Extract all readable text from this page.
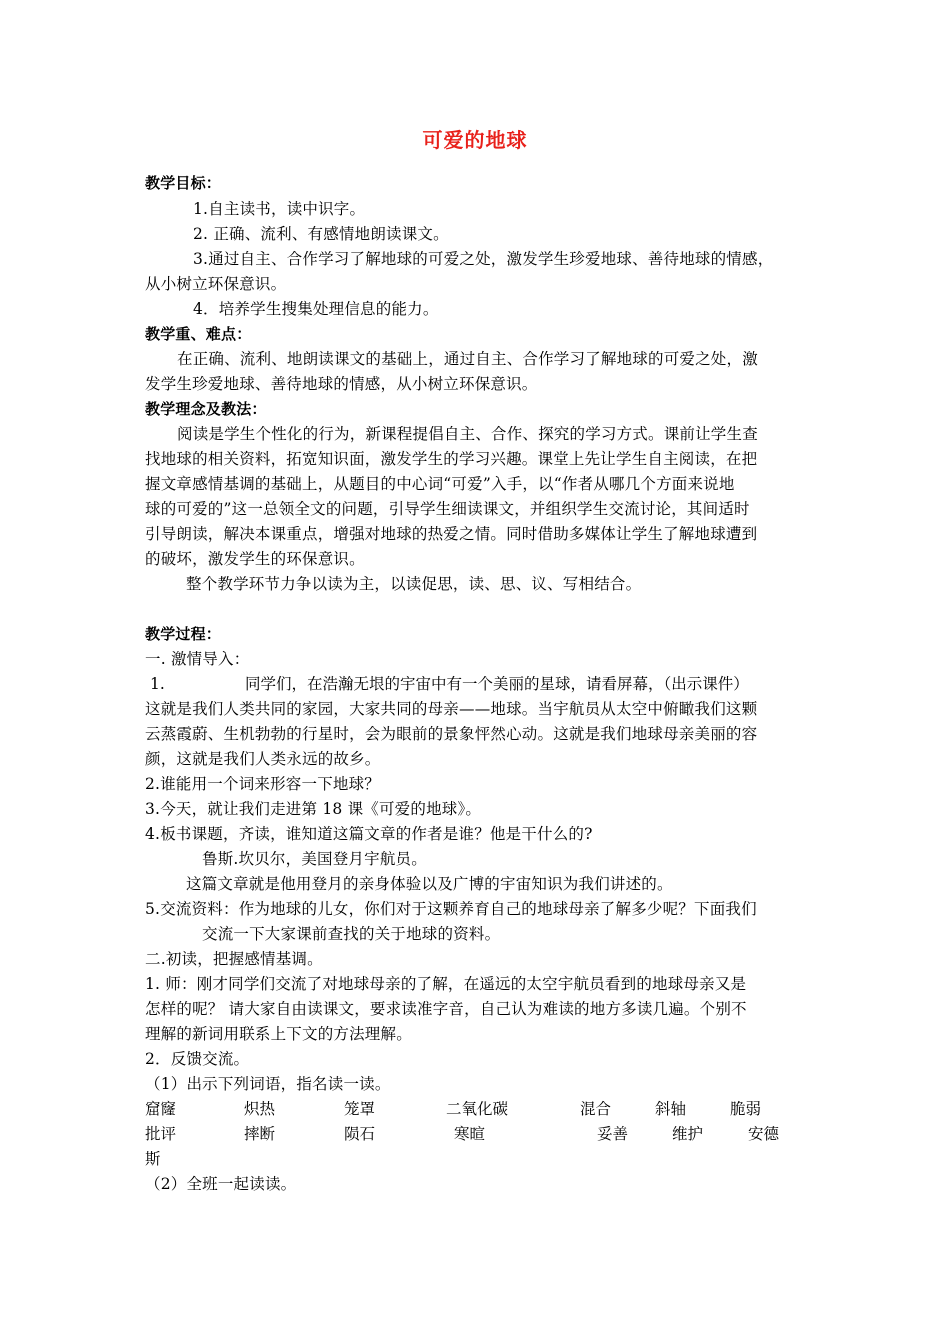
可爱的地球
教学目标：
1.自主读书，读中识字。
2. 正确、流利、有感情地朗读课文。
3.通过自主、合作学习了解地球的可爱之处，激发学生珍爱地球、善待地球的情感，
从小树立环保意识。
4．培养学生搜集处理信息的能力。
教学重、难点：
在正确、流利、地朗读课文的基础上，通过自主、合作学习了解地球的可爱之处，激
发学生珍爱地球、善待地球的情感，从小树立环保意识。
教学理念及教法：
阅读是学生个性化的行为，新课程提倡自主、合作、探究的学习方式。课前让学生查
找地球的相关资料，拓宽知识面，激发学生的学习兴趣。课堂上先让学生自主阅读，在把
握文章感情基调的基础上，从题目的中心词“可爱”入手，以“作者从哪几个方面来说地
球的可爱的”这一总领全文的问题，引导学生细读课文，并组织学生交流讨论，其间适时
引导朗读，解决本课重点，增强对地球的热爱之情。同时借助多媒体让学生了解地球遭到
的破坏，激发学生的环保意识。
整个教学环节力争以读为主，以读促思，读、思、议、写相结合。
教学过程：
一. 激情导入：
1.	同学们，在浩瀚无垠的宇宙中有一个美丽的星球，请看屏幕，（出示课件）
这就是我们人类共同的家园，大家共同的母亲——地球。当宇航员从太空中俯瞰我们这颗
云蒸霞蔚、生机勃勃的行星时，会为眼前的景象怦然心动。这就是我们地球母亲美丽的容
颜，这就是我们人类永远的故乡。
2.谁能用一个词来形容一下地球？
3.今天，就让我们走进第 18 课《可爱的地球》。
4.板书课题，齐读，谁知道这篇文章的作者是谁？他是干什么的?
鲁斯.坎贝尔，美国登月宇航员。
这篇文章就是他用登月的亲身体验以及广博的宇宙知识为我们讲述的。
5.交流资料：作为地球的儿女，你们对于这颗养育自己的地球母亲了解多少呢？下面我们
交流一下大家课前查找的关于地球的资料。
二.初读，把握感情基调。
1. 师：刚才同学们交流了对地球母亲的了解，在遥远的太空宇航员看到的地球母亲又是
怎样的呢？ 请大家自由读课文，要求读准字音，自己认为难读的地方多读几遍。个别不
理解的新词用联系上下文的方法理解。
2．反馈交流。
（1）出示下列词语，指名读一读。
窟窿	炽热	笼罩	二氧化碳	混合	斜轴	脆弱
批评	摔断	陨石	寒暄	妥善	维护	安德
斯
（2）全班一起读读。
